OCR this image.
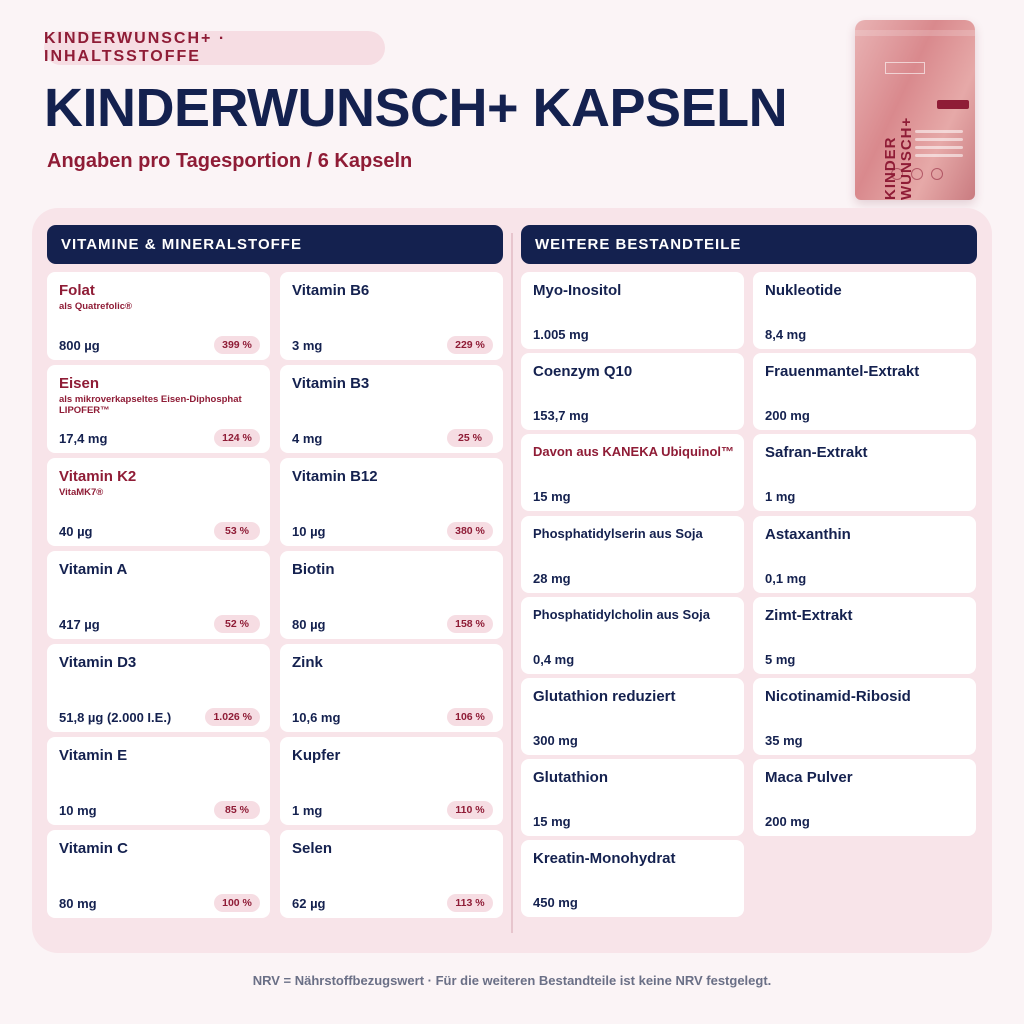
KINDERWUNSCH+ · INHALTSSTOFFE
KINDERWUNSCH+ KAPSELN
Angaben pro Tagesportion / 6 Kapseln	KINDER WUNSCH+
VITAMINE & MINERALSTOFFE	WEITERE BESTANDTEILE
Folat
als Quatrefolic®
800 µg	399 %
Vitamin B6
3 mg	229 %
Eisen
als mikroverkapseltes Eisen-Diphosphat LIPOFER™
17,4 mg	124 %
Vitamin B3
4 mg	25 %
Vitamin K2
VitaMK7®
40 µg	53 %
Vitamin B12
10 µg	380 %
Vitamin A
417 µg	52 %
Biotin
80 µg	158 %
Vitamin D3
51,8 µg (2.000 I.E.)	1.026 %
Zink
10,6 mg	106 %
Vitamin E
10 mg	85 %
Kupfer
1 mg	110 %
Vitamin C
80 mg	100 %
Selen
62 µg	113 %
Myo-Inositol
1.005 mg
Nukleotide
8,4 mg
Coenzym Q10
153,7 mg
Frauenmantel-Extrakt
200 mg
Davon aus KANEKA Ubiquinol™
15 mg
Safran-Extrakt
1 mg
Phosphatidylserin aus Soja
28 mg
Astaxanthin
0,1 mg
Phosphatidylcholin aus Soja
0,4 mg
Zimt-Extrakt
5 mg
Glutathion reduziert
300 mg
Nicotinamid-Ribosid
35 mg
Glutathion
15 mg
Maca Pulver
200 mg
Kreatin-Monohydrat
450 mg
NRV = Nährstoffbezugswert · Für die weiteren Bestandteile ist keine NRV festgelegt.
